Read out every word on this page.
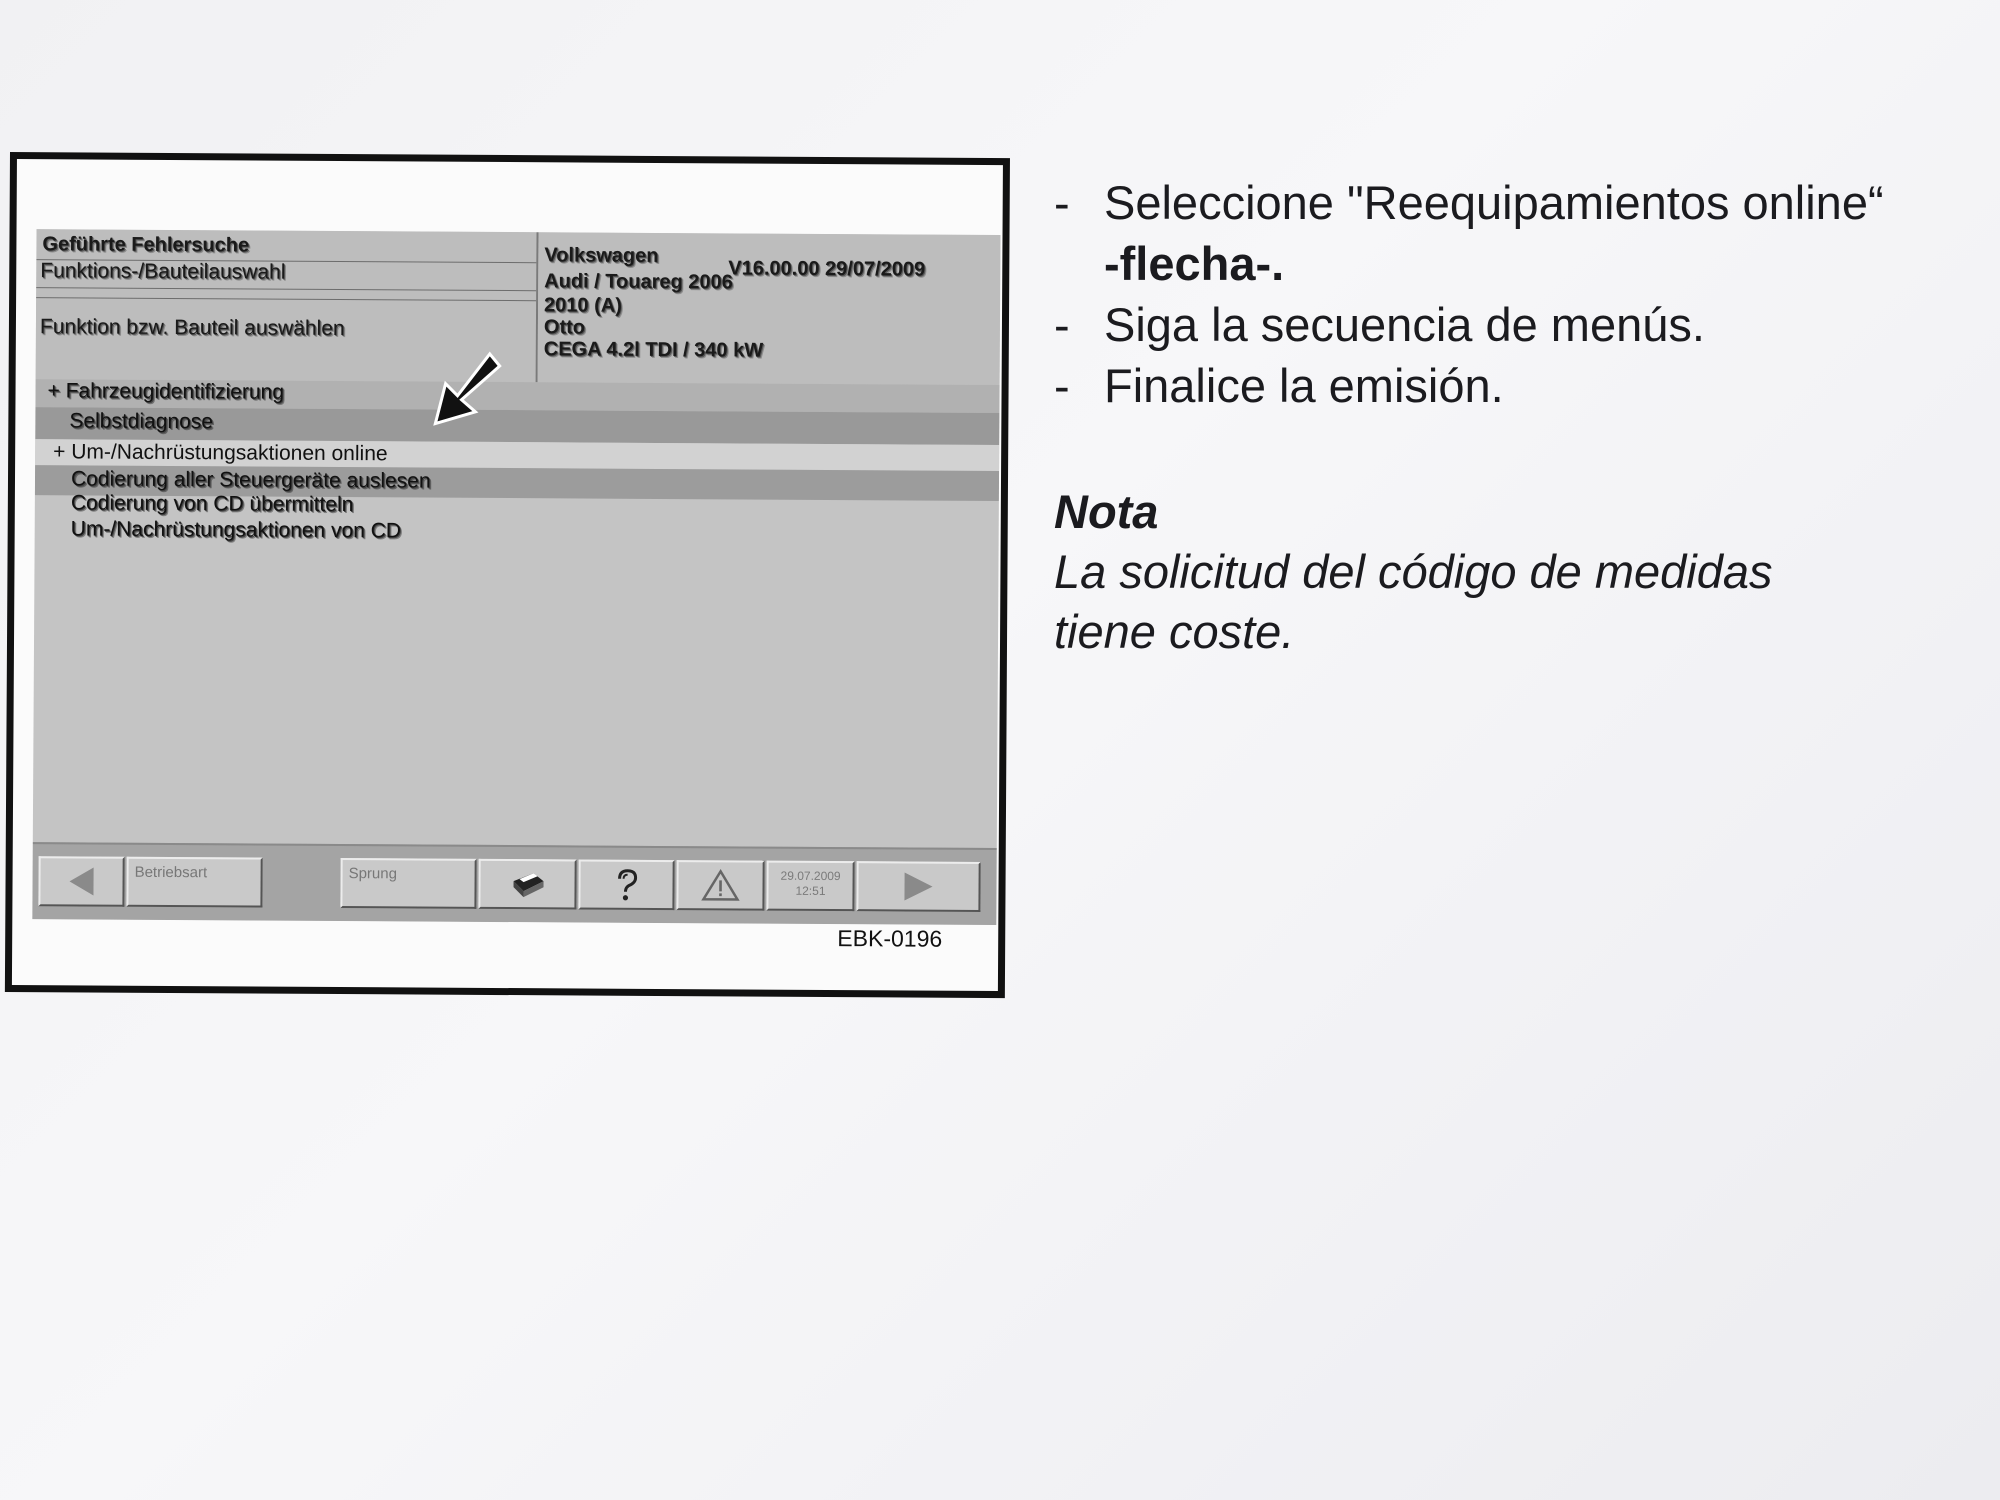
Geführte Fehlersuche
Funktions-/Bauteilauswahl
Funktion bzw. Bauteil auswählen
Volkswagen
V16.00.00 29/07/2009
Audi / Touareg 2006
2010 (A)
Otto
CEGA 4.2l TDI / 340 kW
+ Fahrzeugidentifizierung
Selbstdiagnose
+ Um-/Nachrüstungsaktionen online
Codierung aller Steuergeräte auslesen
Codierung von CD übermitteln
Um-/Nachrüstungsaktionen von CD
Betriebsart	Sprung	29.07.2009
12:51
EBK-0196
- Seleccione "Reequipamientos online“
-flecha-.
- Siga la secuencia de menús.
- Finalice la emisión.
Nota
La solicitud del código de medidas
tiene coste.
